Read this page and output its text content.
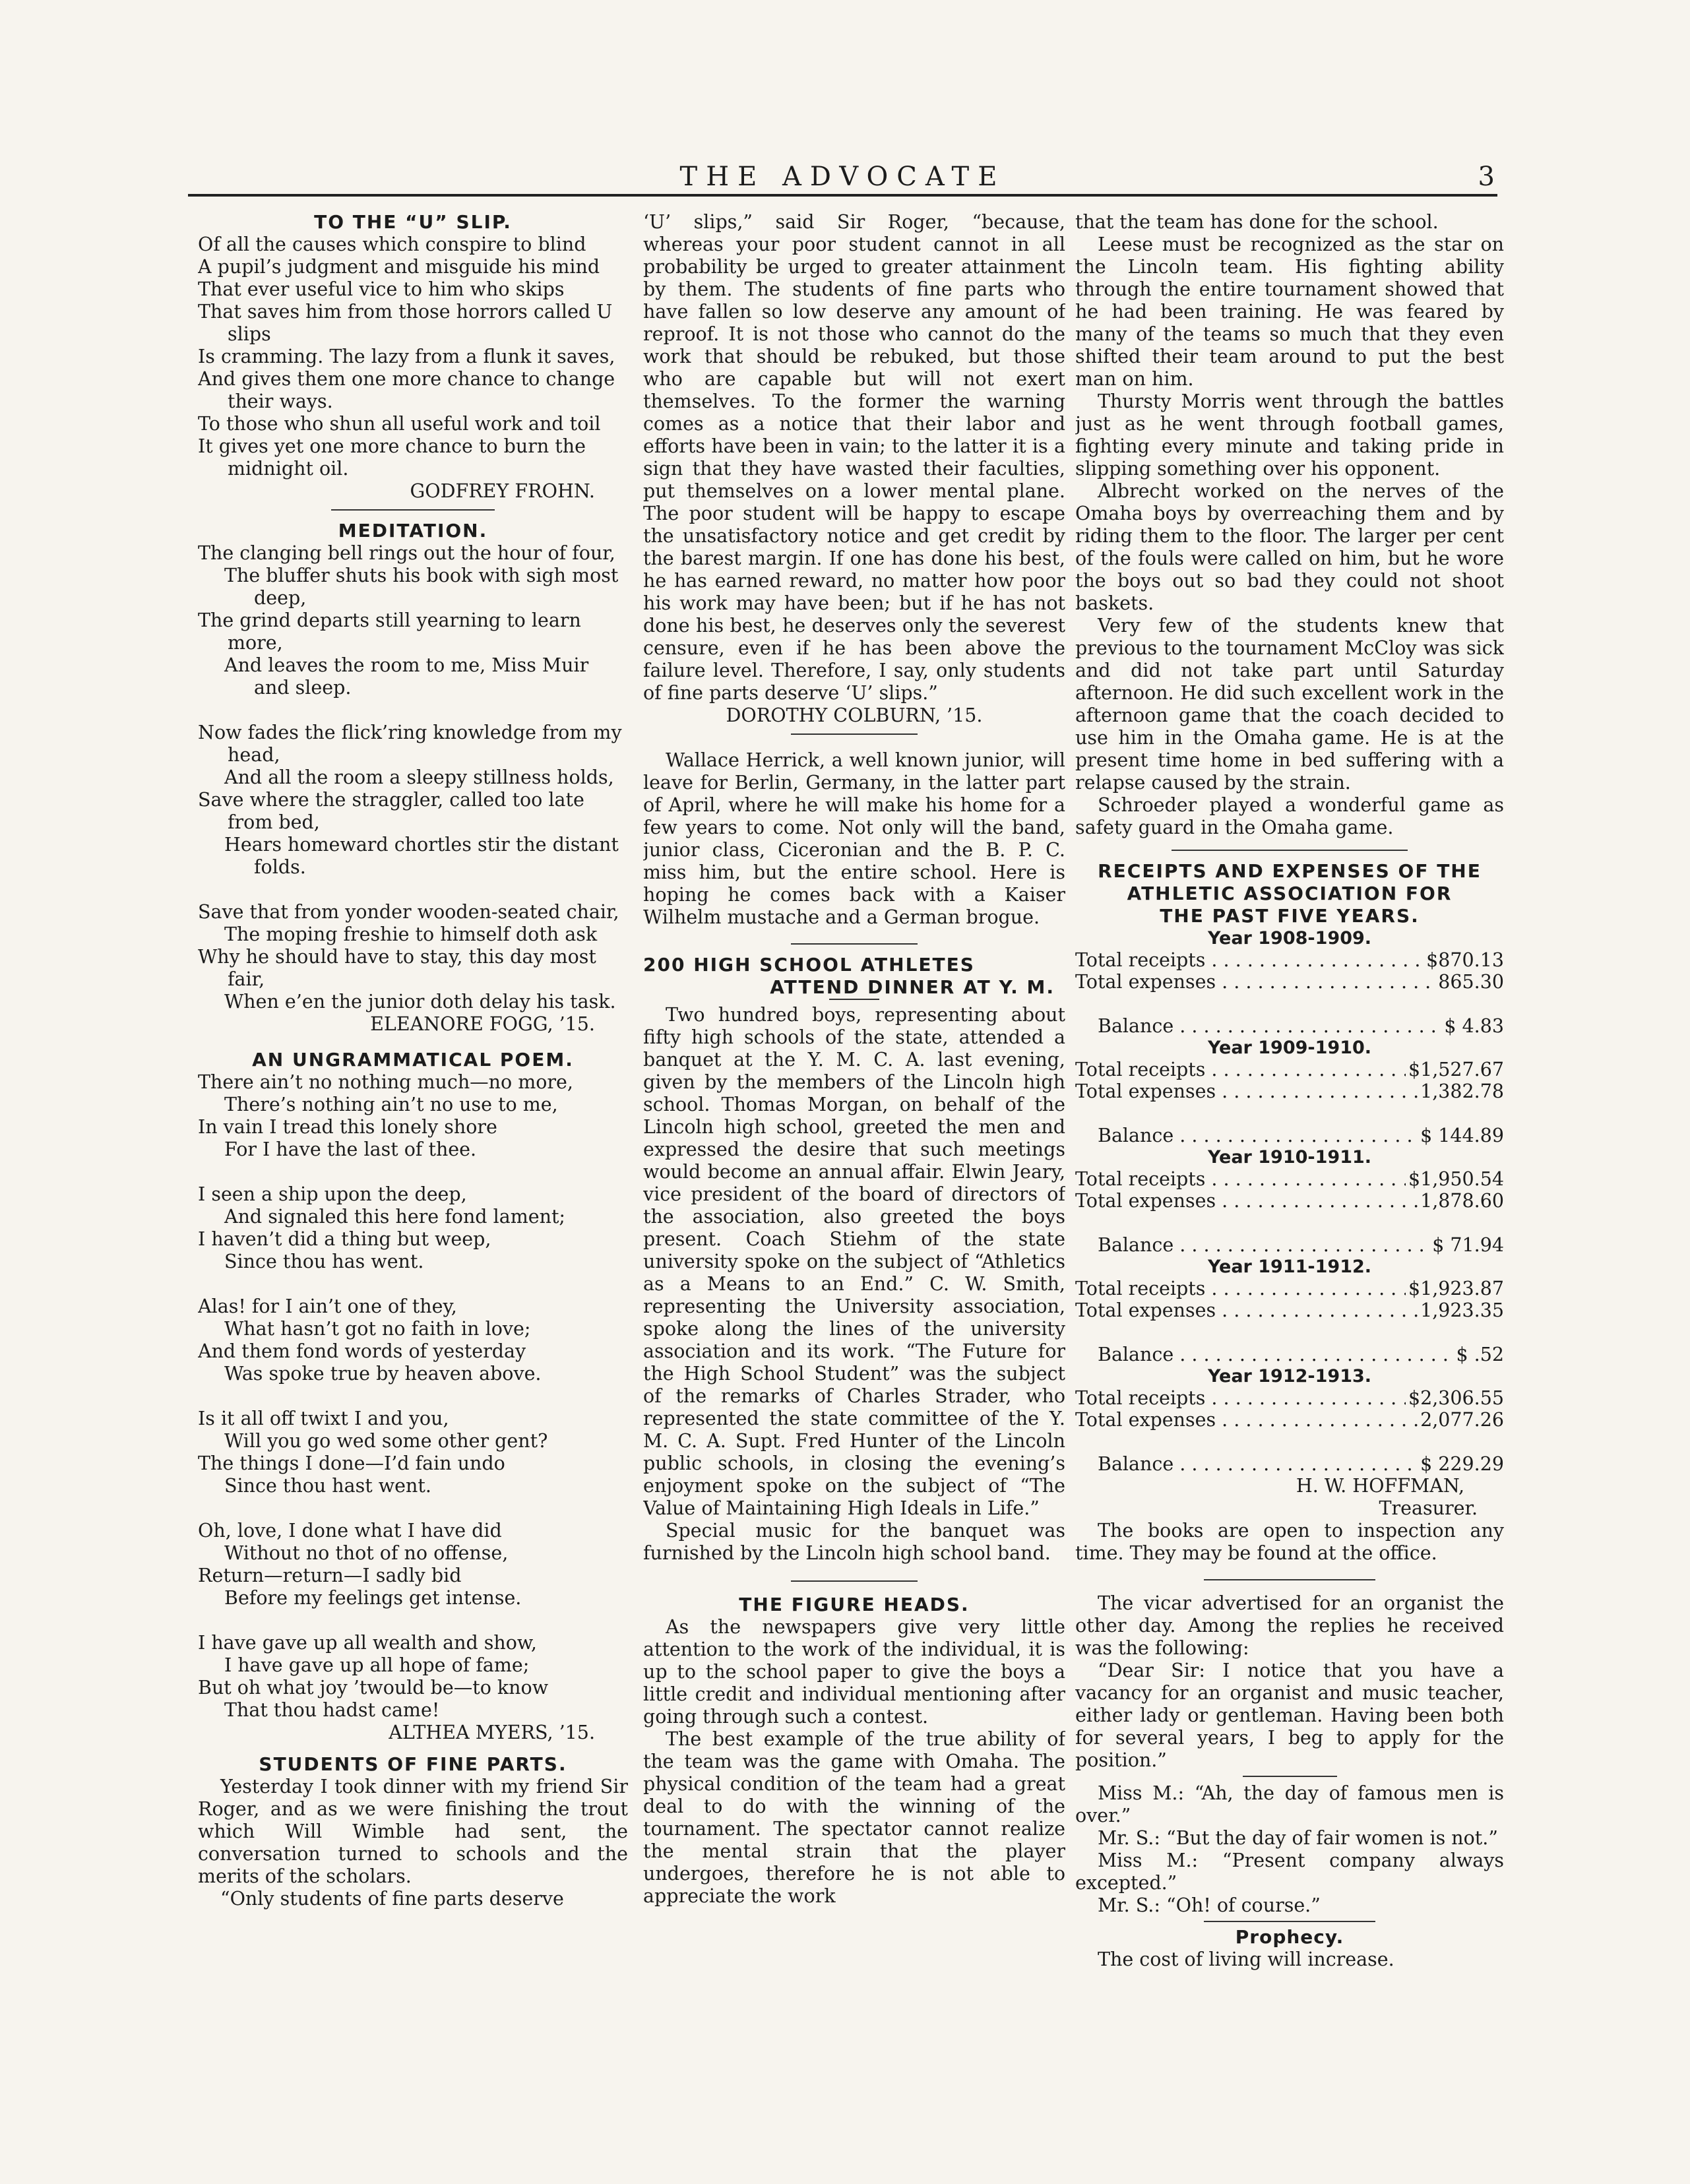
THE ADVOCATE	3
TO THE “U” SLIP.
Of all the causes which conspire to blind
A pupil’s judgment and misguide his mind
That ever useful vice to him who skips
That saves him from those horrors called U slips
Is cramming. The lazy from a flunk it saves,
And gives them one more chance to change their ways.
To those who shun all useful work and toil
It gives yet one more chance to burn the midnight oil.
GODFREY FROHN.
MEDITATION.
The clanging bell rings out the hour of four,
The bluffer shuts his book with sigh most deep,
The grind departs still yearning to learn more,
And leaves the room to me, Miss Muir and sleep.
Now fades the flick’ring knowledge from my head,
And all the room a sleepy stillness holds,
Save where the straggler, called too late from bed,
Hears homeward chortles stir the distant folds.
Save that from yonder wooden-seated chair,
The moping freshie to himself doth ask
Why he should have to stay, this day most fair,
When e’en the junior doth delay his task.
ELEANORE FOGG, ’15.
AN UNGRAMMATICAL POEM.
There ain’t no nothing much—no more,
There’s nothing ain’t no use to me,
In vain I tread this lonely shore
For I have the last of thee.
I seen a ship upon the deep,
And signaled this here fond lament;
I haven’t did a thing but weep,
Since thou has went.
Alas! for I ain’t one of they,
What hasn’t got no faith in love;
And them fond words of yesterday
Was spoke true by heaven above.
Is it all off twixt I and you,
Will you go wed some other gent?
The things I done—I’d fain undo
Since thou hast went.
Oh, love, I done what I have did
Without no thot of no offense,
Return—return—I sadly bid
Before my feelings get intense.
I have gave up all wealth and show,
I have gave up all hope of fame;
But oh what joy ’twould be—to know
That thou hadst came!
ALTHEA MYERS, ’15.
STUDENTS OF FINE PARTS.

Yesterday I took dinner with my friend Sir Roger, and as we were finishing the trout which Will Wimble had sent, the conversation turned to schools and the merits of the scholars.

“Only students of fine parts deserve

‘U’ slips,” said Sir Roger, “because, whereas your poor student cannot in all probability be urged to greater attainment by them. The students of fine parts who have fallen so low deserve any amount of reproof. It is not those who cannot do the work that should be rebuked, but those who are capable but will not exert themselves. To the former the warning comes as a notice that their labor and efforts have been in vain; to the latter it is a sign that they have wasted their faculties, put themselves on a lower mental plane. The poor student will be happy to escape the unsatisfactory notice and get credit by the barest margin. If one has done his best, he has earned reward, no matter how poor his work may have been; but if he has not done his best, he deserves only the severest censure, even if he has been above the failure level. Therefore, I say, only students of fine parts deserve ‘U’ slips.”

DOROTHY COLBURN, ’15.

Wallace Herrick, a well known junior, will leave for Berlin, Germany, in the latter part of April, where he will make his home for a few years to come. Not only will the band, junior class, Ciceronian and the B. P. C. miss him, but the entire school. Here is hoping he comes back with a Kaiser Wilhelm mustache and a German brogue.

200 HIGH SCHOOL ATHLETES
ATTEND DINNER AT Y. M.

Two hundred boys, representing about fifty high schools of the state, attended a banquet at the Y. M. C. A. last evening, given by the members of the Lincoln high school. Thomas Morgan, on behalf of the Lincoln high school, greeted the men and expressed the desire that such meetings would become an annual affair. Elwin Jeary, vice president of the board of directors of the association, also greeted the boys present. Coach Stiehm of the state university spoke on the subject of “Athletics as a Means to an End.” C. W. Smith, representing the University association, spoke along the lines of the university association and its work. “The Future for the High School Student” was the subject of the remarks of Charles Strader, who represented the state committee of the Y. M. C. A. Supt. Fred Hunter of the Lincoln public schools, in closing the evening’s enjoyment spoke on the subject of “The Value of Maintaining High Ideals in Life.”

Special music for the banquet was furnished by the Lincoln high school band.

THE FIGURE HEADS.

As the newspapers give very little attention to the work of the individual, it is up to the school paper to give the boys a little credit and individual mentioning after going through such a contest.

The best example of the true ability of the team was the game with Omaha. The physical condition of the team had a great deal to do with the winning of the tournament. The spectator cannot realize the mental strain that the player undergoes, therefore he is not able to appreciate the work

that the team has done for the school.

Leese must be recognized as the star on the Lincoln team. His fighting ability through the entire tournament showed that he had been training. He was feared by many of the teams so much that they even shifted their team around to put the best man on him.

Thursty Morris went through the battles just as he went through football games, fighting every minute and taking pride in slipping something over his opponent.

Albrecht worked on the nerves of the Omaha boys by overreaching them and by riding them to the floor. The larger per cent of the fouls were called on him, but he wore the boys out so bad they could not shoot baskets.

Very few of the students knew that previous to the tournament McCloy was sick and did not take part until Saturday afternoon. He did such excellent work in the afternoon game that the coach decided to use him in the Omaha game. He is at the present time home in bed suffering with a relapse caused by the strain.

Schroeder played a wonderful game as safety guard in the Omaha game.

RECEIPTS AND EXPENSES OF THE
ATHLETIC ASSOCIATION FOR
THE PAST FIVE YEARS.
Year 1908-1909.
Total receipts . . .	$870.13
Total expenses . . .	865.30
Balance . . .	$ 4.83
Year 1909-1910.
Total receipts . . .	$1,527.67
Total expenses . . .	1,382.78
Balance . . .	$ 144.89
Year 1910-1911.
Total receipts . . .	$1,950.54
Total expenses . . .	1,878.60
Balance . . .	$ 71.94
Year 1911-1912.
Total receipts . . .	$1,923.87
Total expenses . . .	1,923.35
Balance . . .	$ .52
Year 1912-1913.
Total receipts . . .	$2,306.55
Total expenses . . .	2,077.26
Balance . . .	$ 229.29
H. W. HOFFMAN,
Treasurer.

The books are open to inspection any time. They may be found at the office.

The vicar advertised for an organist the other day. Among the replies he received was the following:

“Dear Sir: I notice that you have a vacancy for an organist and music teacher, either lady or gentleman. Having been both for several years, I beg to apply for the position.”

Miss M.: “Ah, the day of famous men is over.”

Mr. S.: “But the day of fair women is not.”

Miss M.: “Present company always excepted.”

Mr. S.: “Oh! of course.”

Prophecy.

The cost of living will increase.
